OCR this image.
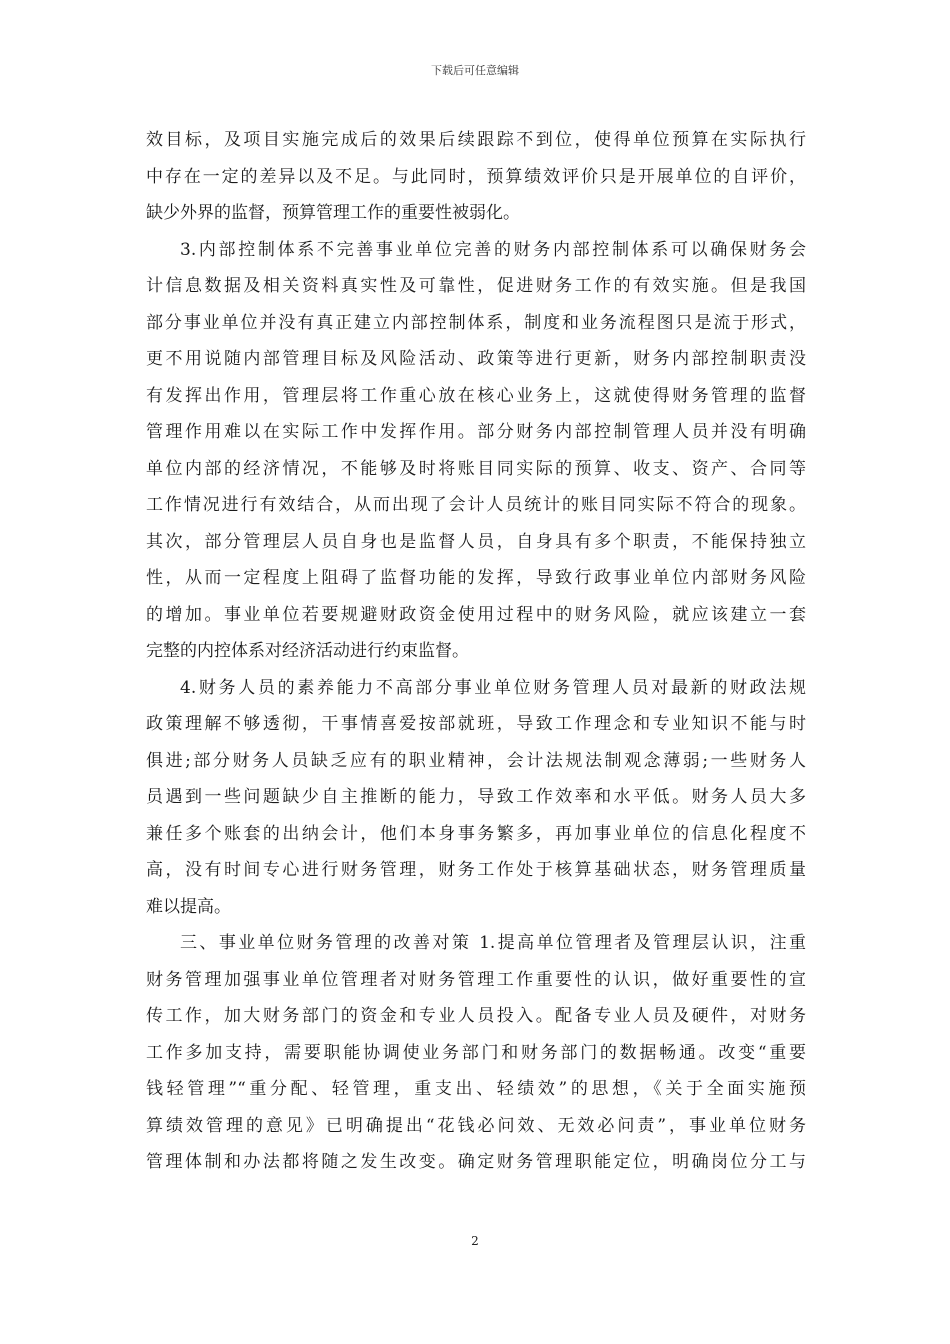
下载后可任意编辑
效目标，及项目实施完成后的效果后续跟踪不到位，使得单位预算在实际执行
中存在一定的差异以及不足。与此同时，预算绩效评价只是开展单位的自评价，
缺少外界的监督，预算管理工作的重要性被弱化。
3.内部控制体系不完善事业单位完善的财务内部控制体系可以确保财务会
计信息数据及相关资料真实性及可靠性，促进财务工作的有效实施。但是我国
部分事业单位并没有真正建立内部控制体系，制度和业务流程图只是流于形式，
更不用说随内部管理目标及风险活动、政策等进行更新，财务内部控制职责没
有发挥出作用，管理层将工作重心放在核心业务上，这就使得财务管理的监督
管理作用难以在实际工作中发挥作用。部分财务内部控制管理人员并没有明确
单位内部的经济情况，不能够及时将账目同实际的预算、收支、资产、合同等
工作情况进行有效结合，从而出现了会计人员统计的账目同实际不符合的现象。
其次，部分管理层人员自身也是监督人员，自身具有多个职责，不能保持独立
性，从而一定程度上阻碍了监督功能的发挥，导致行政事业单位内部财务风险
的增加。事业单位若要规避财政资金使用过程中的财务风险，就应该建立一套
完整的内控体系对经济活动进行约束监督。
4.财务人员的素养能力不高部分事业单位财务管理人员对最新的财政法规
政策理解不够透彻，干事情喜爱按部就班，导致工作理念和专业知识不能与时
俱进;部分财务人员缺乏应有的职业精神，会计法规法制观念薄弱;一些财务人
员遇到一些问题缺少自主推断的能力，导致工作效率和水平低。财务人员大多
兼任多个账套的出纳会计，他们本身事务繁多，再加事业单位的信息化程度不
高，没有时间专心进行财务管理，财务工作处于核算基础状态，财务管理质量
难以提高。
三、事业单位财务管理的改善对策 1.提高单位管理者及管理层认识，注重
财务管理加强事业单位管理者对财务管理工作重要性的认识，做好重要性的宣
传工作，加大财务部门的资金和专业人员投入。配备专业人员及硬件，对财务
工作多加支持，需要职能协调使业务部门和财务部门的数据畅通。改变“重要
钱轻管理”“重分配、轻管理，重支出、轻绩效”的思想，《关于全面实施预
算绩效管理的意见》已明确提出“花钱必问效、无效必问责”，事业单位财务
管理体制和办法都将随之发生改变。确定财务管理职能定位，明确岗位分工与
2
